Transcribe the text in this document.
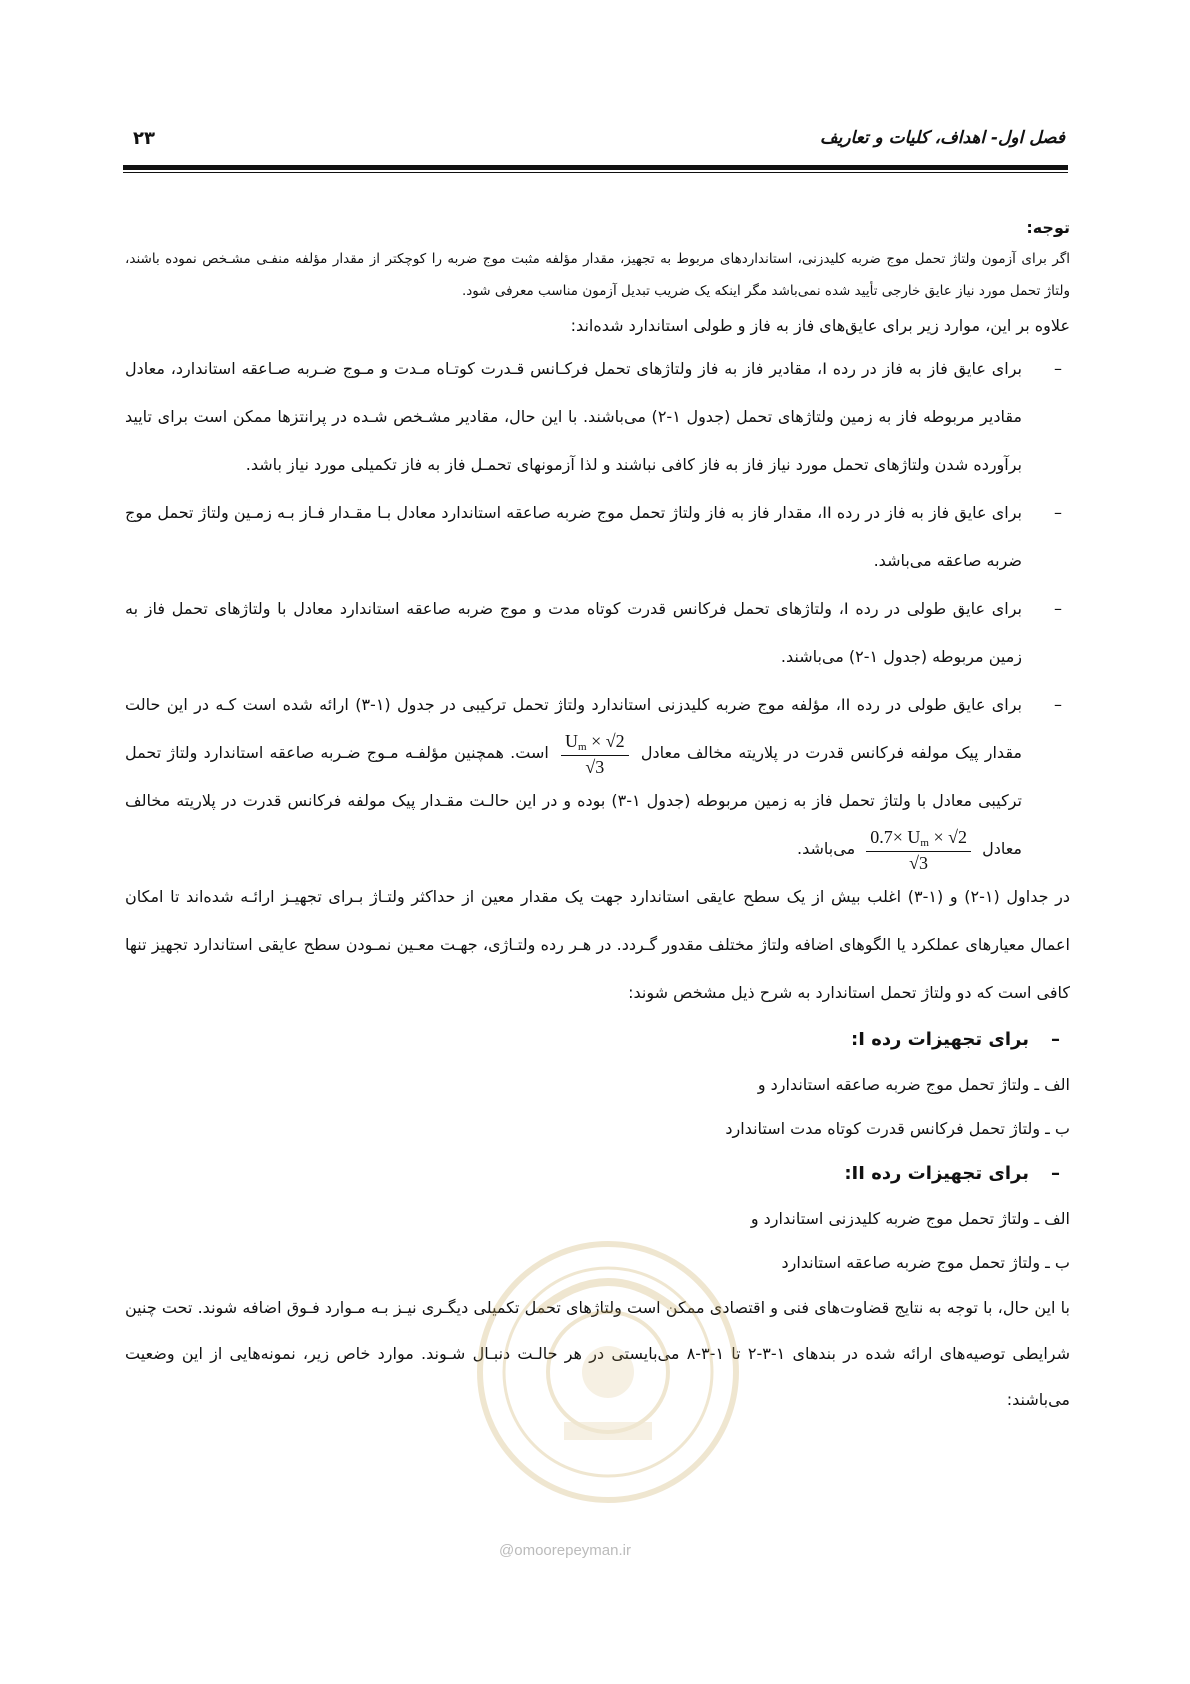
فصل اول- اهداف، کلیات و تعاریف
۲۳

توجه:

اگر برای آزمون ولتاژ تحمل موج ضربه کلیدزنی، استانداردهای مربوط به تجهیز، مقدار مؤلفه مثبت موج ضربه را کوچکتر از مقدار مؤلفه منفـی مشـخص نموده باشند، ولتاژ تحمل مورد نیاز عایق خارجی تأیید شده نمی‌باشد مگر اینکه یک ضریب تبدیل آزمون مناسب معرفی شود.

علاوه بر این، موارد زیر برای عایق‌های فاز به فاز و طولی استاندارد شده‌اند:

–
برای عایق فاز به فاز در رده I، مقادیر فاز به فاز ولتاژهای تحمل فرکـانس قـدرت کوتـاه مـدت و مـوج ضـربه صـاعقه استاندارد، معادل مقادیر مربوطه فاز به زمین ولتاژهای تحمل (جدول ۱-۲) می‌باشند. با این حال، مقادیر مشـخص شـده در پرانتزها ممکن است برای تایید برآورده شدن ولتاژهای تحمل مورد نیاز فاز به فاز کافی نباشند و لذا آزمونهای تحمـل فاز به فاز تکمیلی مورد نیاز باشد.
–
برای عایق فاز به فاز در رده II، مقدار فاز به فاز ولتاژ تحمل موج ضربه صاعقه استاندارد معادل بـا مقـدار فـاز بـه زمـین ولتاژ تحمل موج ضربه صاعقه می‌باشد.
–
برای عایق طولی در رده I، ولتاژهای تحمل فرکانس قدرت کوتاه مدت و موج ضربه صاعقه استاندارد معادل با ولتاژهای تحمل فاز به زمین مربوطه (جدول ۱-۲) می‌باشند.
–
برای عایق طولی در رده II، مؤلفه موج ضربه کلیدزنی استاندارد ولتاژ تحمل ترکیبی در جدول (۱-۳) ارائه شده است کـه در این حالت مقدار پیک مولفه فرکانس قدرت در پلاریته مخالف معادل
$\frac{U_m \times √2}{√3}$
است. همچنین مؤلفـه مـوج ضـربه صاعقه استاندارد ولتاژ تحمل ترکیبی معادل با ولتاژ تحمل فاز به زمین مربوطه (جدول ۱-۳) بوده و در این حالـت مقـدار پیک مولفه فرکانس قدرت در پلاریته مخالف معادل
$\frac{0.7\times U_m \times √2}{√3}$
می‌باشد.

در جداول (۱-۲) و (۱-۳) اغلب بیش از یک سطح عایقی استاندارد جهت یک مقدار معین از حداکثر ولتـاژ بـرای تجهیـز ارائـه شده‌اند تا امکان اعمال معیارهای عملکرد یا الگوهای اضافه ولتاژ مختلف مقدور گـردد. در هـر رده ولتـاژی، جهـت معـین نمـودن سطح عایقی استاندارد تجهیز تنها کافی است که دو ولتاژ تحمل استاندارد به شرح ذیل مشخص شوند:

–برای تجهیزات رده I:

الف ـ ولتاژ تحمل موج ضربه صاعقه استاندارد و

ب ـ ولتاژ تحمل فرکانس قدرت کوتاه مدت استاندارد

–برای تجهیزات رده II:

الف ـ ولتاژ تحمل موج ضربه کلیدزنی استاندارد و

ب ـ ولتاژ تحمل موج ضربه صاعقه استاندارد

با این حال، با توجه به نتایج قضاوت‌های فنی و اقتصادی ممکن است ولتاژهای تحمل تکمیلی دیگـری نیـز بـه مـوارد فـوق اضافه شوند. تحت چنین شرایطی توصیه‌های ارائه شده در بندهای ۱-۳-۲ تا ۱-۳-۸ می‌بایستی در هر حالـت دنبـال شـوند. موارد خاص زیر، نمونه‌هایی از این وضعیت می‌باشند:

@omoorepeyman.ir
